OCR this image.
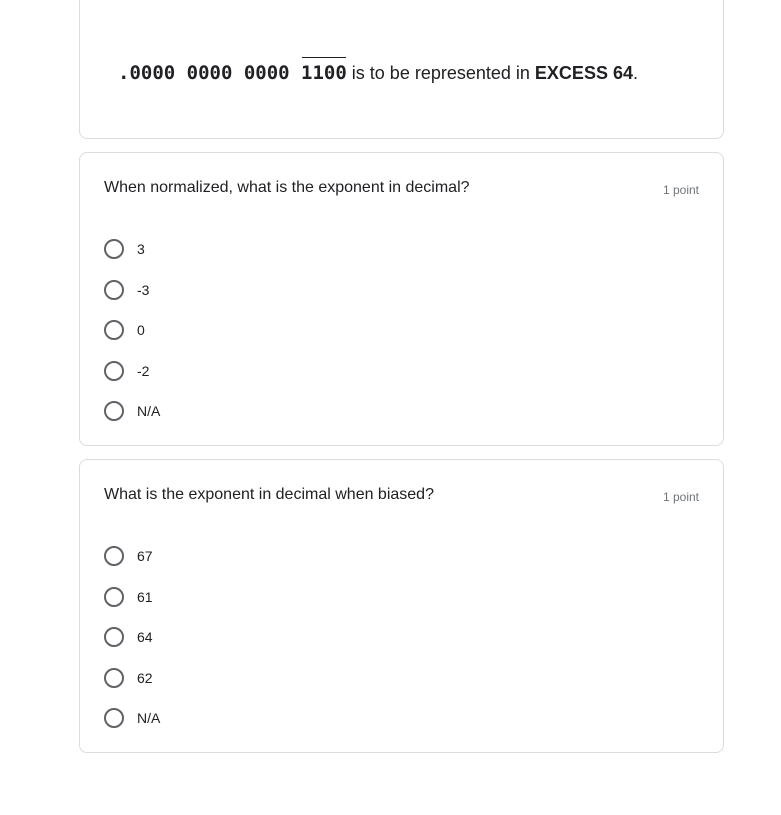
.0000 0000 0000 1100 is to be represented in EXCESS 64.
When normalized, what is the exponent in decimal?	1 point
3
-3
0
-2
N/A
What is the exponent in decimal when biased?	1 point
67
61
64
62
N/A
